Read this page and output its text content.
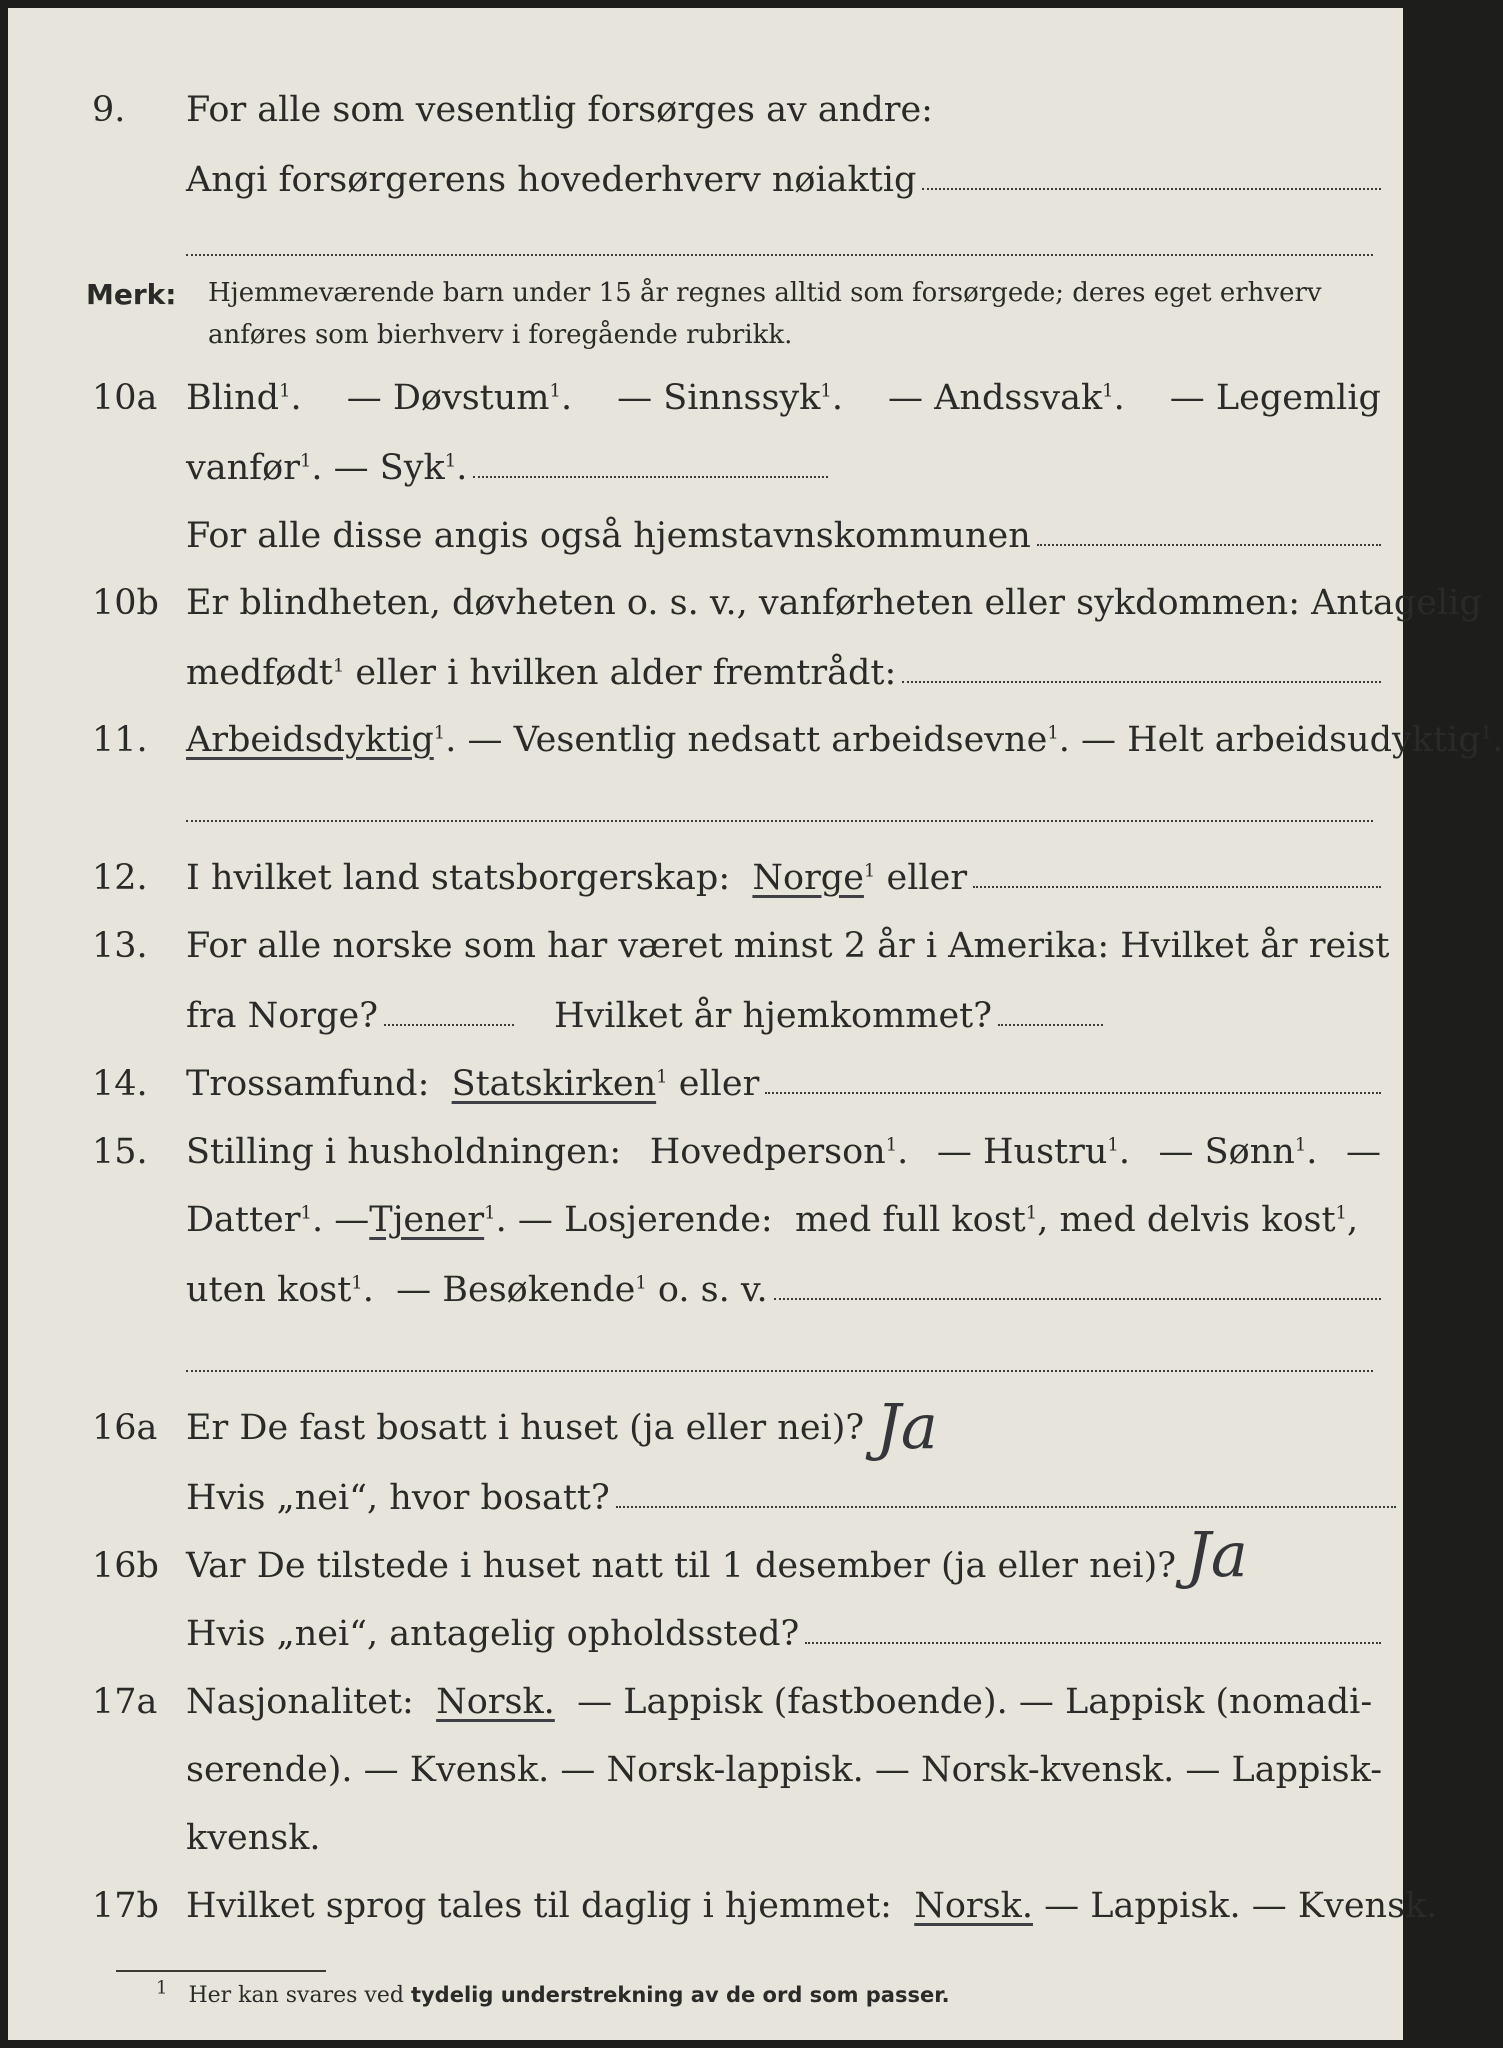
9.	For alle som vesentlig forsørges av andre:
Angi forsørgerens hovederhverv nøiaktig
Merk: Hjemmeværende barn under 15 år regnes alltid som forsørgede; deres eget erhverv
anføres som bierhverv i foregående rubrikk.
10a Blind$^1$. — Døvstum$^1$. — Sinnssyk$^1$. — Andssvak$^1$. — Legemlig
vanfør$^1$. — Syk$^1$.
For alle disse angis også hjemstavnskommunen
10b Er blindheten, døvheten o. s. v., vanførheten eller sykdommen: Antagelig
medfødt$^1$ eller i hvilken alder fremtrådt:
11.	Arbeidsdyktig$^1$. — Vesentlig nedsatt arbeidsevne$^1$. — Helt arbeidsudyktig$^1$.
12.	I hvilket land statsborgerskap: Norge$^1$ eller
13.	For alle norske som har været minst 2 år i Amerika: Hvilket år reist
fra Norge?	Hvilket år hjemkommet?
14.	Trossamfund: Statskirken$^1$ eller
15.	Stilling i husholdningen: Hovedperson$^1$. — Hustru$^1$. — Sønn$^1$. —
Datter$^1$. — Tjener$^1$ . — Losjerende: med full kost$^1$ , med delvis kost$^1$ ,
uten kost$^1$. — Besøkende$^1$ o. s. v.
16a Er De fast bosatt i huset (ja eller nei)? Ja
Hvis „nei“, hvor bosatt?
16b Var De tilstede i huset natt til 1 desember (ja eller nei)? Ja
Hvis „nei“, antagelig opholdssted?
17a Nasjonalitet: Norsk. — Lappisk (fastboende). — Lappisk (nomadi-
serende). — Kvensk. — Norsk-lappisk. — Norsk-kvensk. — Lappisk-
kvensk.
17b Hvilket sprog tales til daglig i hjemmet: Norsk. — Lappisk. — Kvensk.
$^1$ Her kan svares ved tydelig understrekning av de ord som passer.
